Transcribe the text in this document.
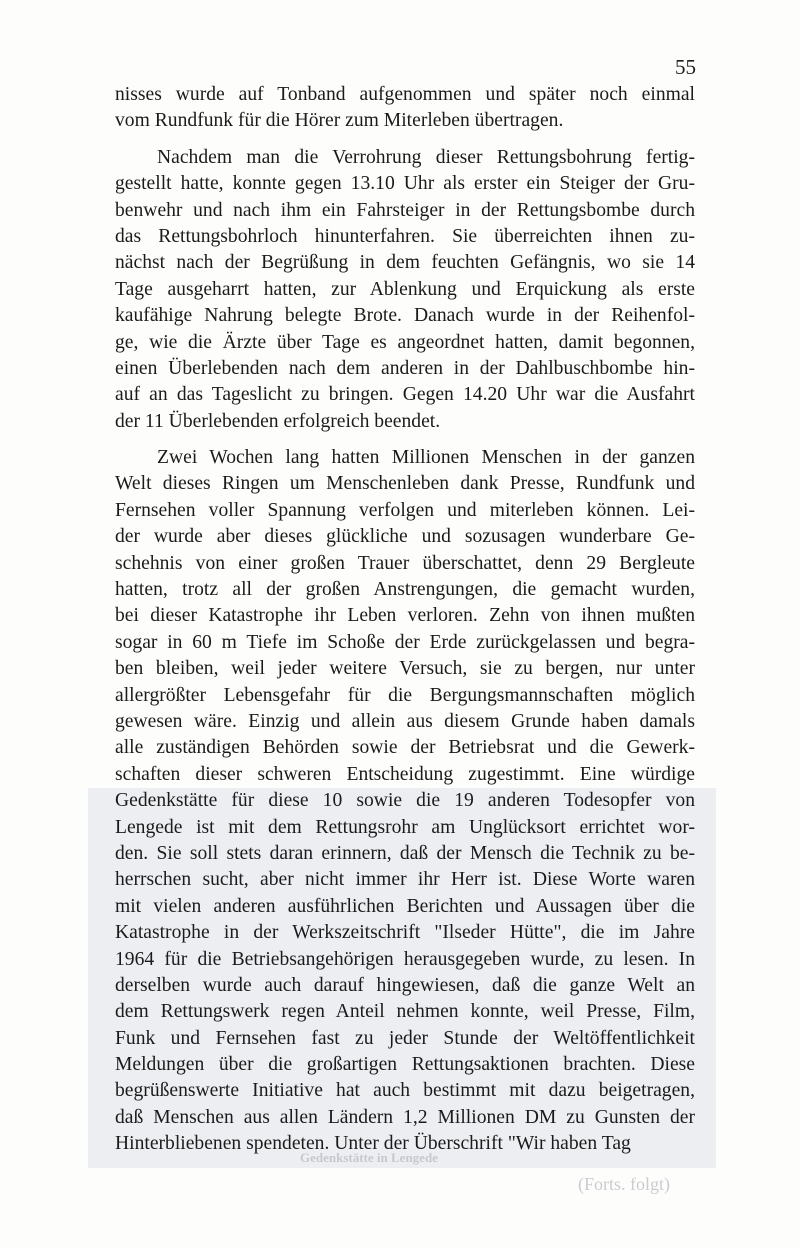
Gedenkstätte in Lengede
(Forts. folgt)
55
nisses wurde auf Tonband aufgenommen und später noch einmal
vom Rundfunk für die Hörer zum Miterleben übertragen.
Nachdem man die Verrohrung dieser Rettungsbohrung fertig-
gestellt hatte, konnte gegen 13.10 Uhr als erster ein Steiger der Gru-
benwehr und nach ihm ein Fahrsteiger in der Rettungsbombe durch
das Rettungsbohrloch hinunterfahren. Sie überreichten ihnen zu-
nächst nach der Begrüßung in dem feuchten Gefängnis, wo sie 14
Tage ausgeharrt hatten, zur Ablenkung und Erquickung als erste
kaufähige Nahrung belegte Brote. Danach wurde in der Reihenfol-
ge, wie die Ärzte über Tage es angeordnet hatten, damit begonnen,
einen Überlebenden nach dem anderen in der Dahlbuschbombe hin-
auf an das Tageslicht zu bringen. Gegen 14.20 Uhr war die Ausfahrt
der 11 Überlebenden erfolgreich beendet.
Zwei Wochen lang hatten Millionen Menschen in der ganzen
Welt dieses Ringen um Menschenleben dank Presse, Rundfunk und
Fernsehen voller Spannung verfolgen und miterleben können. Lei-
der wurde aber dieses glückliche und sozusagen wunderbare Ge-
schehnis von einer großen Trauer überschattet, denn 29 Bergleute
hatten, trotz all der großen Anstrengungen, die gemacht wurden,
bei dieser Katastrophe ihr Leben verloren. Zehn von ihnen mußten
sogar in 60 m Tiefe im Schoße der Erde zurückgelassen und begra-
ben bleiben, weil jeder weitere Versuch, sie zu bergen, nur unter
allergrößter Lebensgefahr für die Bergungsmannschaften möglich
gewesen wäre. Einzig und allein aus diesem Grunde haben damals
alle zuständigen Behörden sowie der Betriebsrat und die Gewerk-
schaften dieser schweren Entscheidung zugestimmt. Eine würdige
Gedenkstätte für diese 10 sowie die 19 anderen Todesopfer von
Lengede ist mit dem Rettungsrohr am Unglücksort errichtet wor-
den. Sie soll stets daran erinnern, daß der Mensch die Technik zu be-
herrschen sucht, aber nicht immer ihr Herr ist. Diese Worte waren
mit vielen anderen ausführlichen Berichten und Aussagen über die
Katastrophe in der Werkszeitschrift "Ilseder Hütte", die im Jahre
1964 für die Betriebsangehörigen herausgegeben wurde, zu lesen. In
derselben wurde auch darauf hingewiesen, daß die ganze Welt an
dem Rettungswerk regen Anteil nehmen konnte, weil Presse, Film,
Funk und Fernsehen fast zu jeder Stunde der Weltöffentlichkeit
Meldungen über die großartigen Rettungsaktionen brachten. Diese
begrüßenswerte Initiative hat auch bestimmt mit dazu beigetragen,
daß Menschen aus allen Ländern 1,2 Millionen DM zu Gunsten der
Hinterbliebenen spendeten. Unter der Überschrift "Wir haben Tag
